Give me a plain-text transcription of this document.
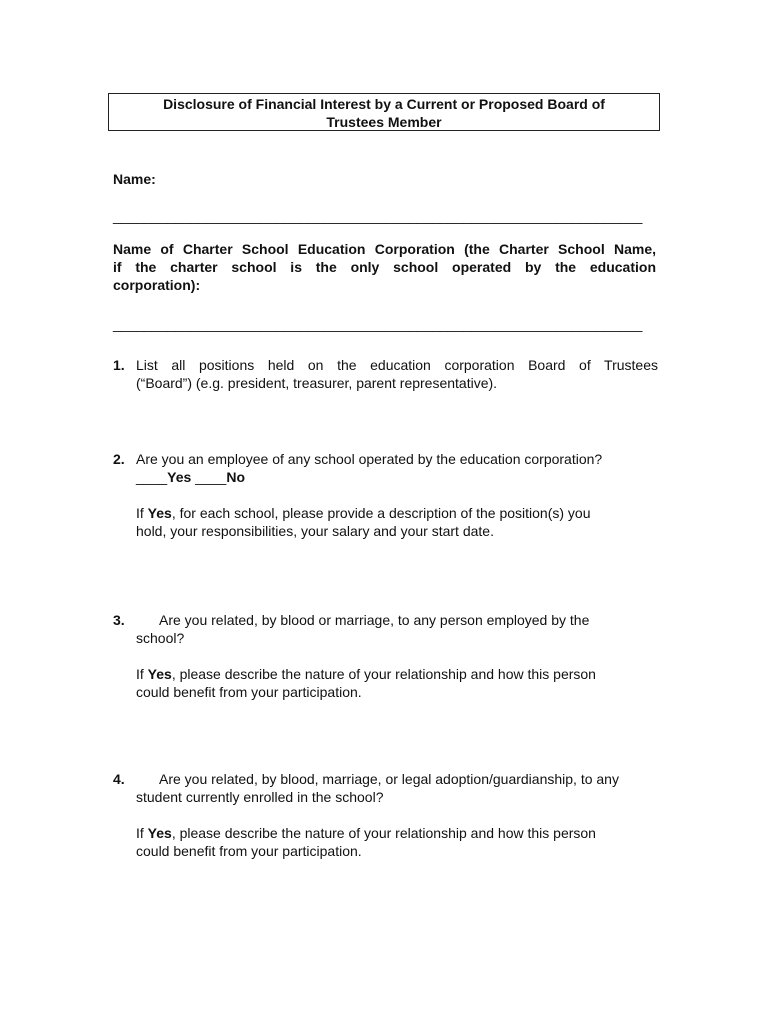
Disclosure of Financial Interest by a Current or Proposed Board of
Trustees Member
Name:
____________________________________________________________________
Name of Charter School Education Corporation (the Charter School Name,
if the charter school is the only school operated by the education
corporation):
____________________________________________________________________
1. List all positions held on the education corporation Board of Trustees
(“Board”) (e.g. president, treasurer, parent representative).
2. Are you an employee of any school operated by the education corporation?
____Yes ____No
If Yes, for each school, please provide a description of the position(s) you
hold, your responsibilities, your salary and your start date.
3.	Are you related, by blood or marriage, to any person employed by the
school?
If Yes, please describe the nature of your relationship and how this person
could benefit from your participation.
4.	Are you related, by blood, marriage, or legal adoption/guardianship, to any
student currently enrolled in the school?
If Yes, please describe the nature of your relationship and how this person
could benefit from your participation.
